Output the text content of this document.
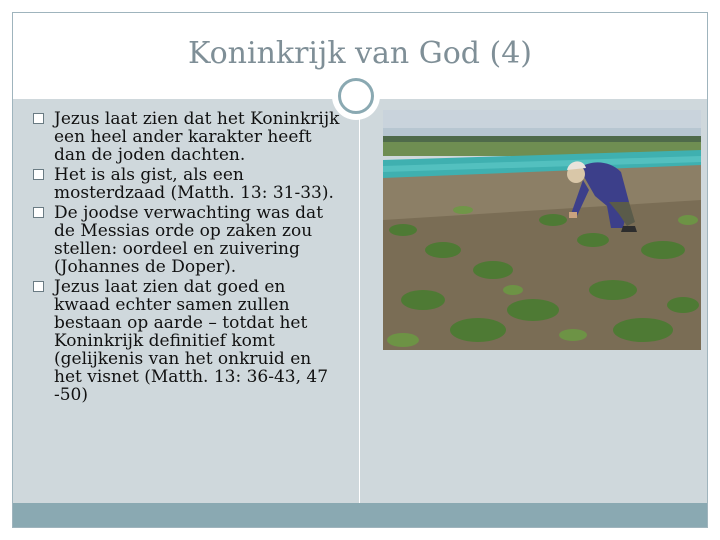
Koninkrijk van God (4)
Jezus laat zien dat het Koninkrijk een heel ander karakter heeft dan de joden dachten.
Het is als gist, als een mosterdzaad (Matth. 13: 31-33).
De joodse verwachting was dat de Messias orde op zaken zou stellen: oordeel en zuivering (Johannes de Doper).
Jezus laat zien dat goed en kwaad echter samen zullen bestaan op aarde – totdat het Koninkrijk definitief komt (gelijkenis van het onkruid en het visnet (Matth. 13: 36-43, 47 -50)
